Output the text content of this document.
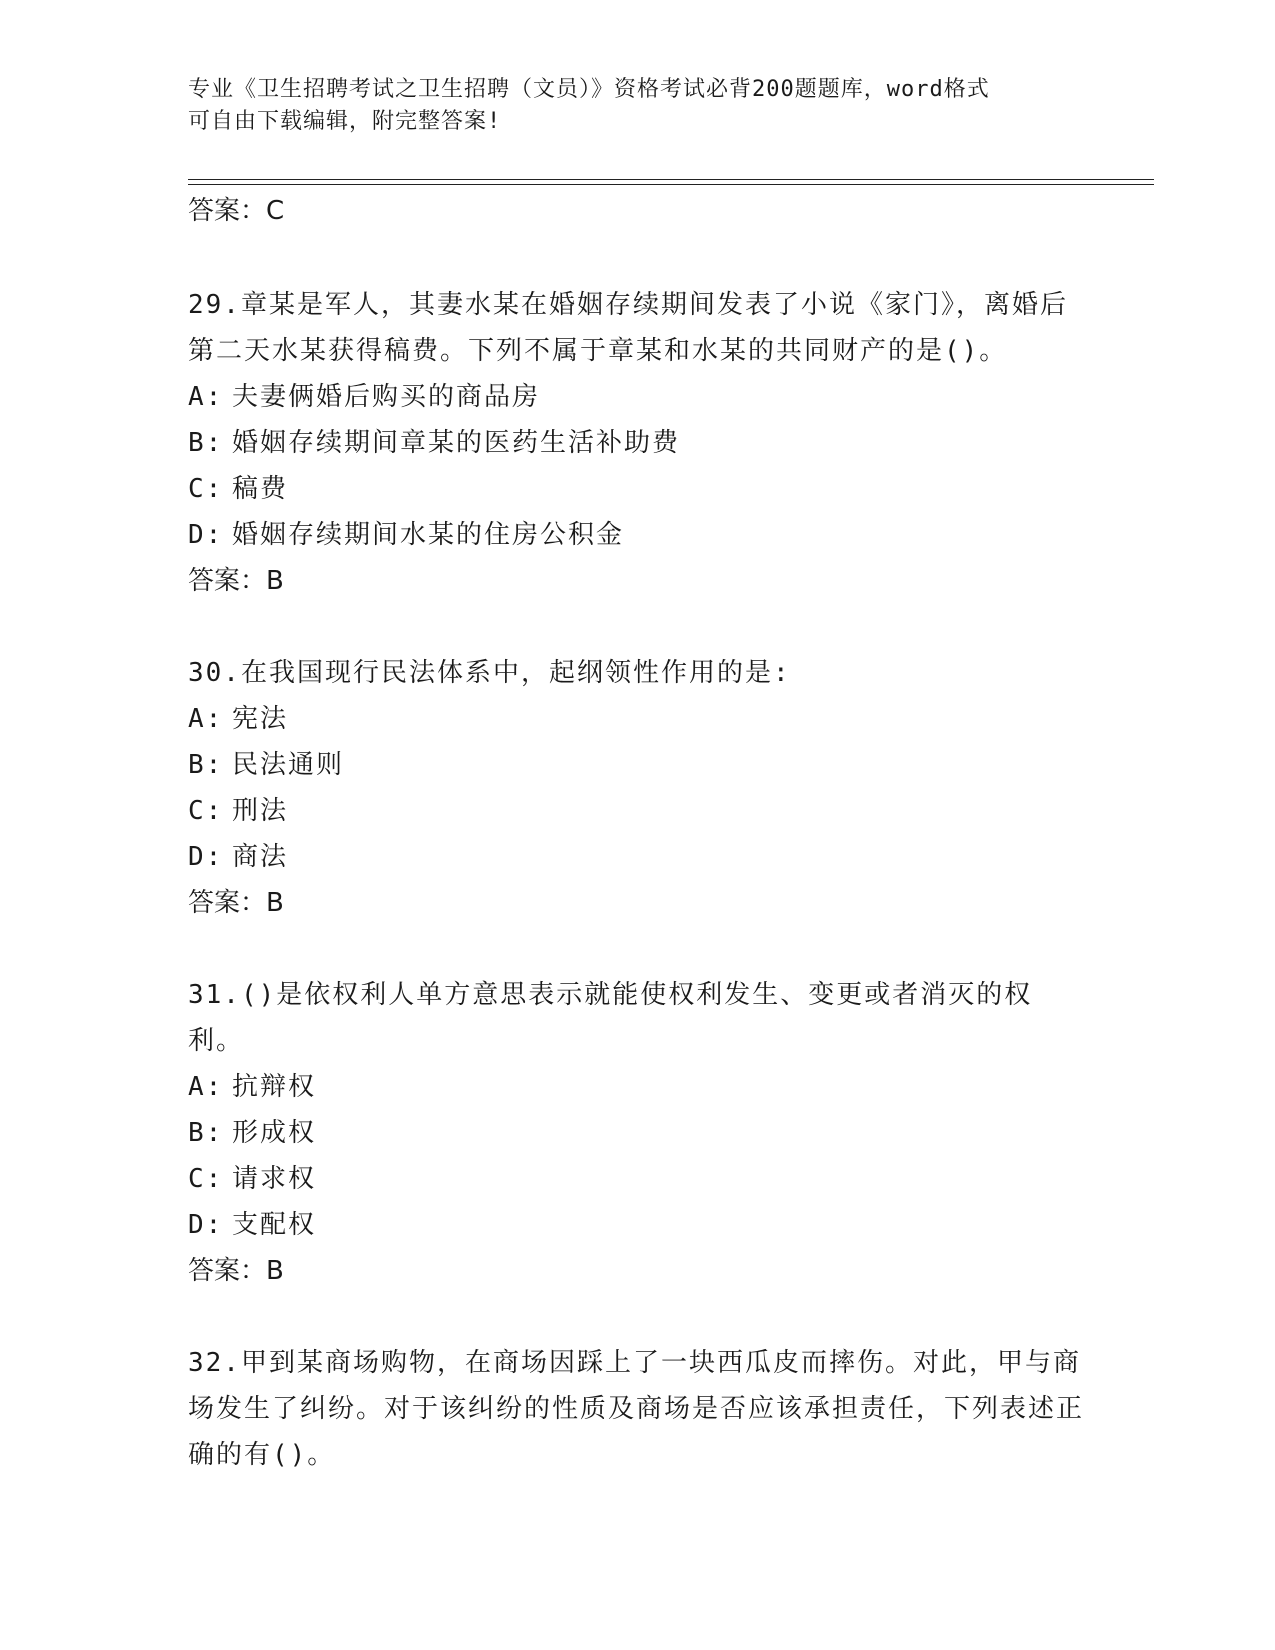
专业《卫生招聘考试之卫生招聘（文员）》资格考试必背200题题库，word格式
可自由下载编辑，附完整答案!

答案：C

29.章某是军人，其妻水某在婚姻存续期间发表了小说《家门》，离婚后第二天水某获得稿费。下列不属于章某和水某的共同财产的是()。

A: 夫妻俩婚后购买的商品房

B: 婚姻存续期间章某的医药生活补助费

C: 稿费

D: 婚姻存续期间水某的住房公积金

答案：B

30.在我国现行民法体系中，起纲领性作用的是:

A: 宪法

B: 民法通则

C: 刑法

D: 商法

答案：B

31.()是依权利人单方意思表示就能使权利发生、变更或者消灭的权利。

A: 抗辩权

B: 形成权

C: 请求权

D: 支配权

答案：B

32.甲到某商场购物，在商场因踩上了一块西瓜皮而摔伤。对此，甲与商场发生了纠纷。对于该纠纷的性质及商场是否应该承担责任，下列表述正确的有()。
